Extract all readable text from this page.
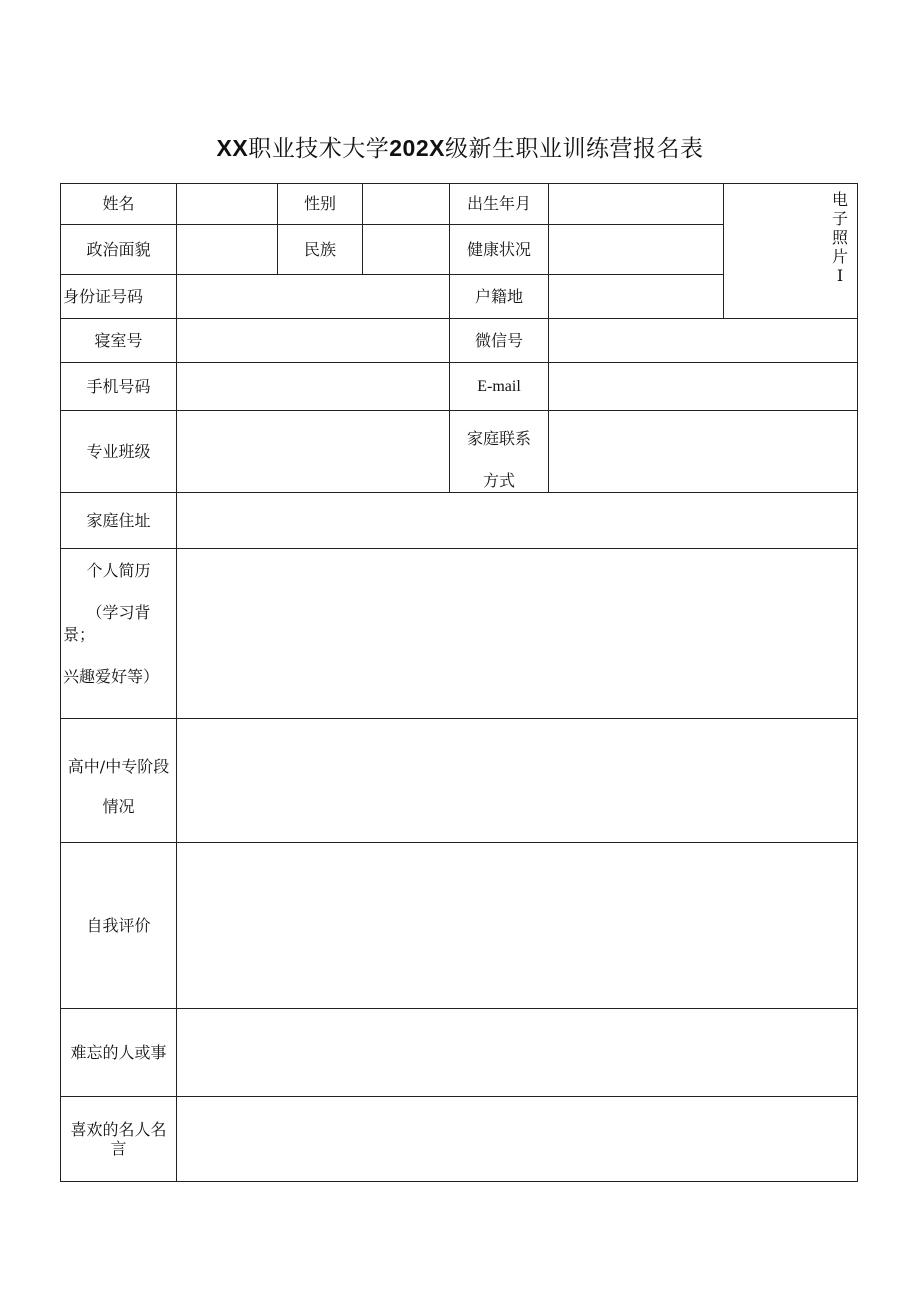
XX职业技术大学202X级新生职业训练营报名表
姓名		性别		出生年月		电子照片I

政治面貌		民族		健康状况		
身份证号码				户籍地		
寝室号				微信号		
手机号码				E-mail		
专业班级				家庭联系
方式		

家庭住址						

个人简历
（学习背
景；
兴趣爱好等）						

高中/中专阶段
情况						

自我评价						
难忘的人或事						
喜欢的名人名言						
